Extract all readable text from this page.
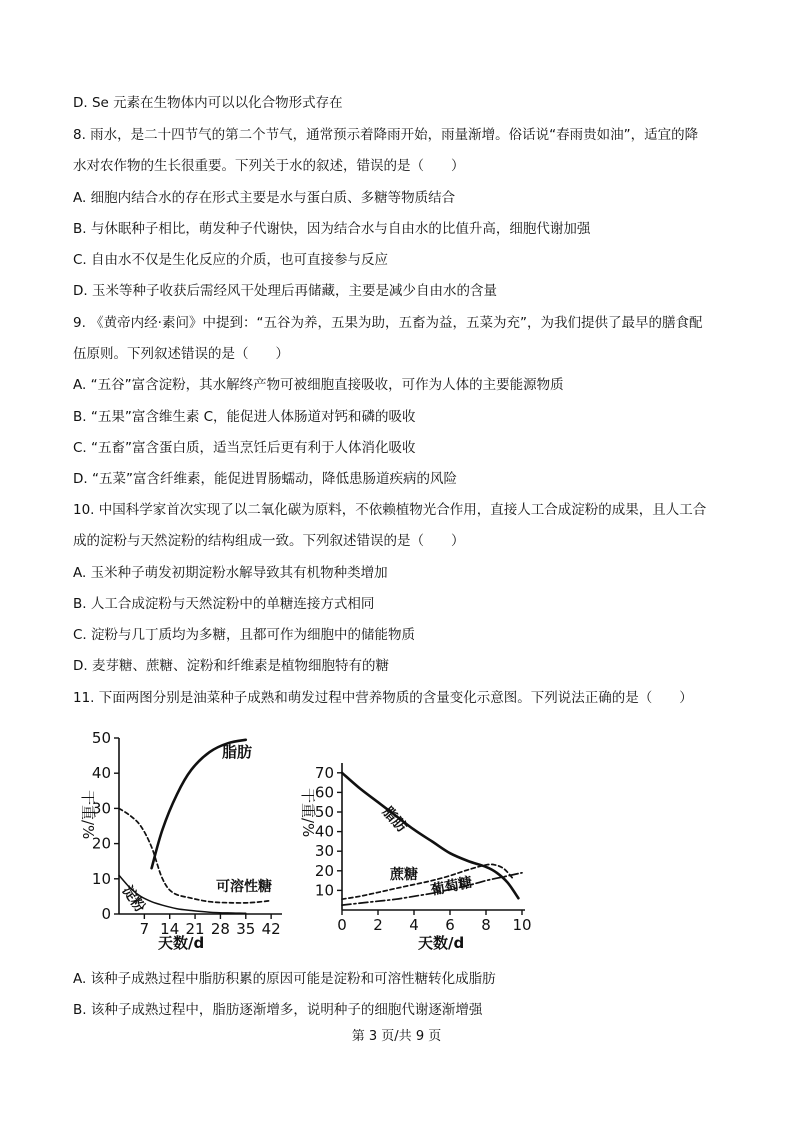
D. Se 元素在生物体内可以以化合物形式存在
8. 雨水，是二十四节气的第二个节气，通常预示着降雨开始，雨量渐增。俗话说“春雨贵如油”，适宜的降
水对农作物的生长很重要。下列关于水的叙述，错误的是（　　）
A. 细胞内结合水的存在形式主要是水与蛋白质、多糖等物质结合
B. 与休眠种子相比，萌发种子代谢快，因为结合水与自由水的比值升高，细胞代谢加强
C. 自由水不仅是生化反应的介质，也可直接参与反应
D. 玉米等种子收获后需经风干处理后再储藏，主要是减少自由水的含量
9. 《黄帝内经·素问》中提到：“五谷为养，五果为助，五畜为益，五菜为充”，为我们提供了最早的膳食配
伍原则。下列叙述错误的是（　　）
A. “五谷”富含淀粉，其水解终产物可被细胞直接吸收，可作为人体的主要能源物质
B. “五果”富含维生素 C，能促进人体肠道对钙和磷的吸收
C. “五畜”富含蛋白质，适当烹饪后更有利于人体消化吸收
D. “五菜”富含纤维素，能促进胃肠蠕动，降低患肠道疾病的风险
10. 中国科学家首次实现了以二氧化碳为原料，不依赖植物光合作用，直接人工合成淀粉的成果，且人工合
成的淀粉与天然淀粉的结构组成一致。下列叙述错误的是（　　）
A. 玉米种子萌发初期淀粉水解导致其有机物种类增加
B. 人工合成淀粉与天然淀粉中的单糖连接方式相同
C. 淀粉与几丁质均为多糖，且都可作为细胞中的储能物质
D. 麦芽糖、蔗糖、淀粉和纤维素是植物细胞特有的糖
11. 下面两图分别是油菜种子成熟和萌发过程中营养物质的含量变化示意图。下列说法正确的是（　　）
0
10
20
30
40
50
7 14 21 28 35 42
干重/%
天数/d
脂肪
可溶性糖
淀粉	10
20
30
40
50
60
70
0 2 4 6 8 10
干重/%
天数/d
脂肪
蔗糖 葡萄糖
A. 该种子成熟过程中脂肪积累的原因可能是淀粉和可溶性糖转化成脂肪
B. 该种子成熟过程中，脂肪逐渐增多，说明种子的细胞代谢逐渐增强
第 3 页/共 9 页
